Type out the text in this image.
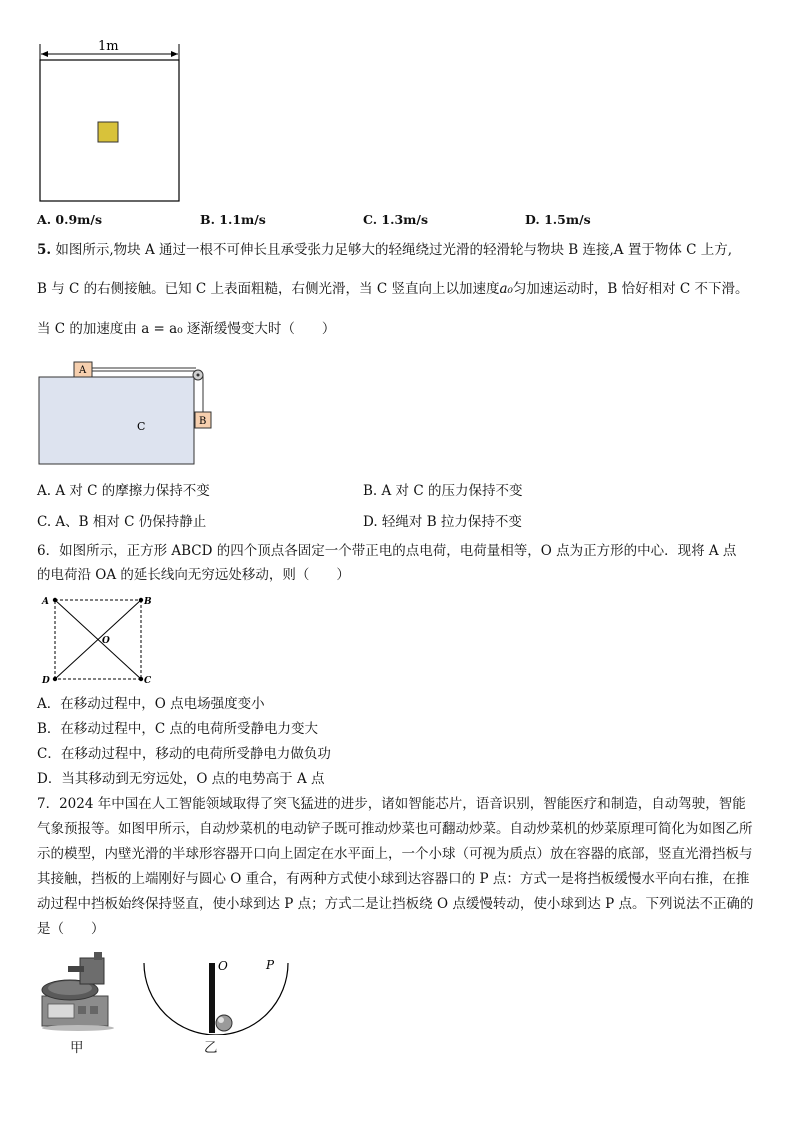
1m
A. 0.9m/s	B. 1.1m/s	C. 1.3m/s	D. 1.5m/s
5. 如图所示,物块 A 通过一根不可伸长且承受张力足够大的轻绳绕过光滑的轻滑轮与物块 B 连接,A 置于物体 C 上方,
B 与 C 的右侧接触。已知 C 上表面粗糙，右侧光滑，当 C 竖直向上以加速度a₀匀加速运动时，B 恰好相对 C 不下滑。
当 C 的加速度由 a = a₀ 逐渐缓慢变大时（　　）
C
A
B
A. A 对 C 的摩擦力保持不变	B. A 对 C 的压力保持不变
C. A、B 相对 C 仍保持静止	D. 轻绳对 B 拉力保持不变
6．如图所示，正方形 ABCD 的四个顶点各固定一个带正电的点电荷，电荷量相等，O 点为正方形的中心．现将 A 点
的电荷沿 OA 的延长线向无穷远处移动，则（　　）
A	B
C
D
O
A．在移动过程中，O 点电场强度变小
B．在移动过程中，C 点的电荷所受静电力变大
C．在移动过程中，移动的电荷所受静电力做负功
D．当其移动到无穷远处，O 点的电势高于 A 点
7．2024 年中国在人工智能领域取得了突飞猛进的进步，诸如智能芯片，语音识别，智能医疗和制造，自动驾驶，智能气象预报等。如图甲所示，自动炒菜机的电动铲子既可推动炒菜也可翻动炒菜。自动炒菜机的炒菜原理可简化为如图乙所示的模型，内壁光滑的半球形容器开口向上固定在水平面上，一个小球（可视为质点）放在容器的底部，竖直光滑挡板与其接触，挡板的上端刚好与圆心 O 重合，有两种方式使小球到达容器口的 P 点：方式一是将挡板缓慢水平向右推，在推动过程中挡板始终保持竖直，使小球到达 P 点；方式二是让挡板绕 O 点缓慢转动，使小球到达 P 点。下列说法不正确的是（　　）
甲
O	P
乙
